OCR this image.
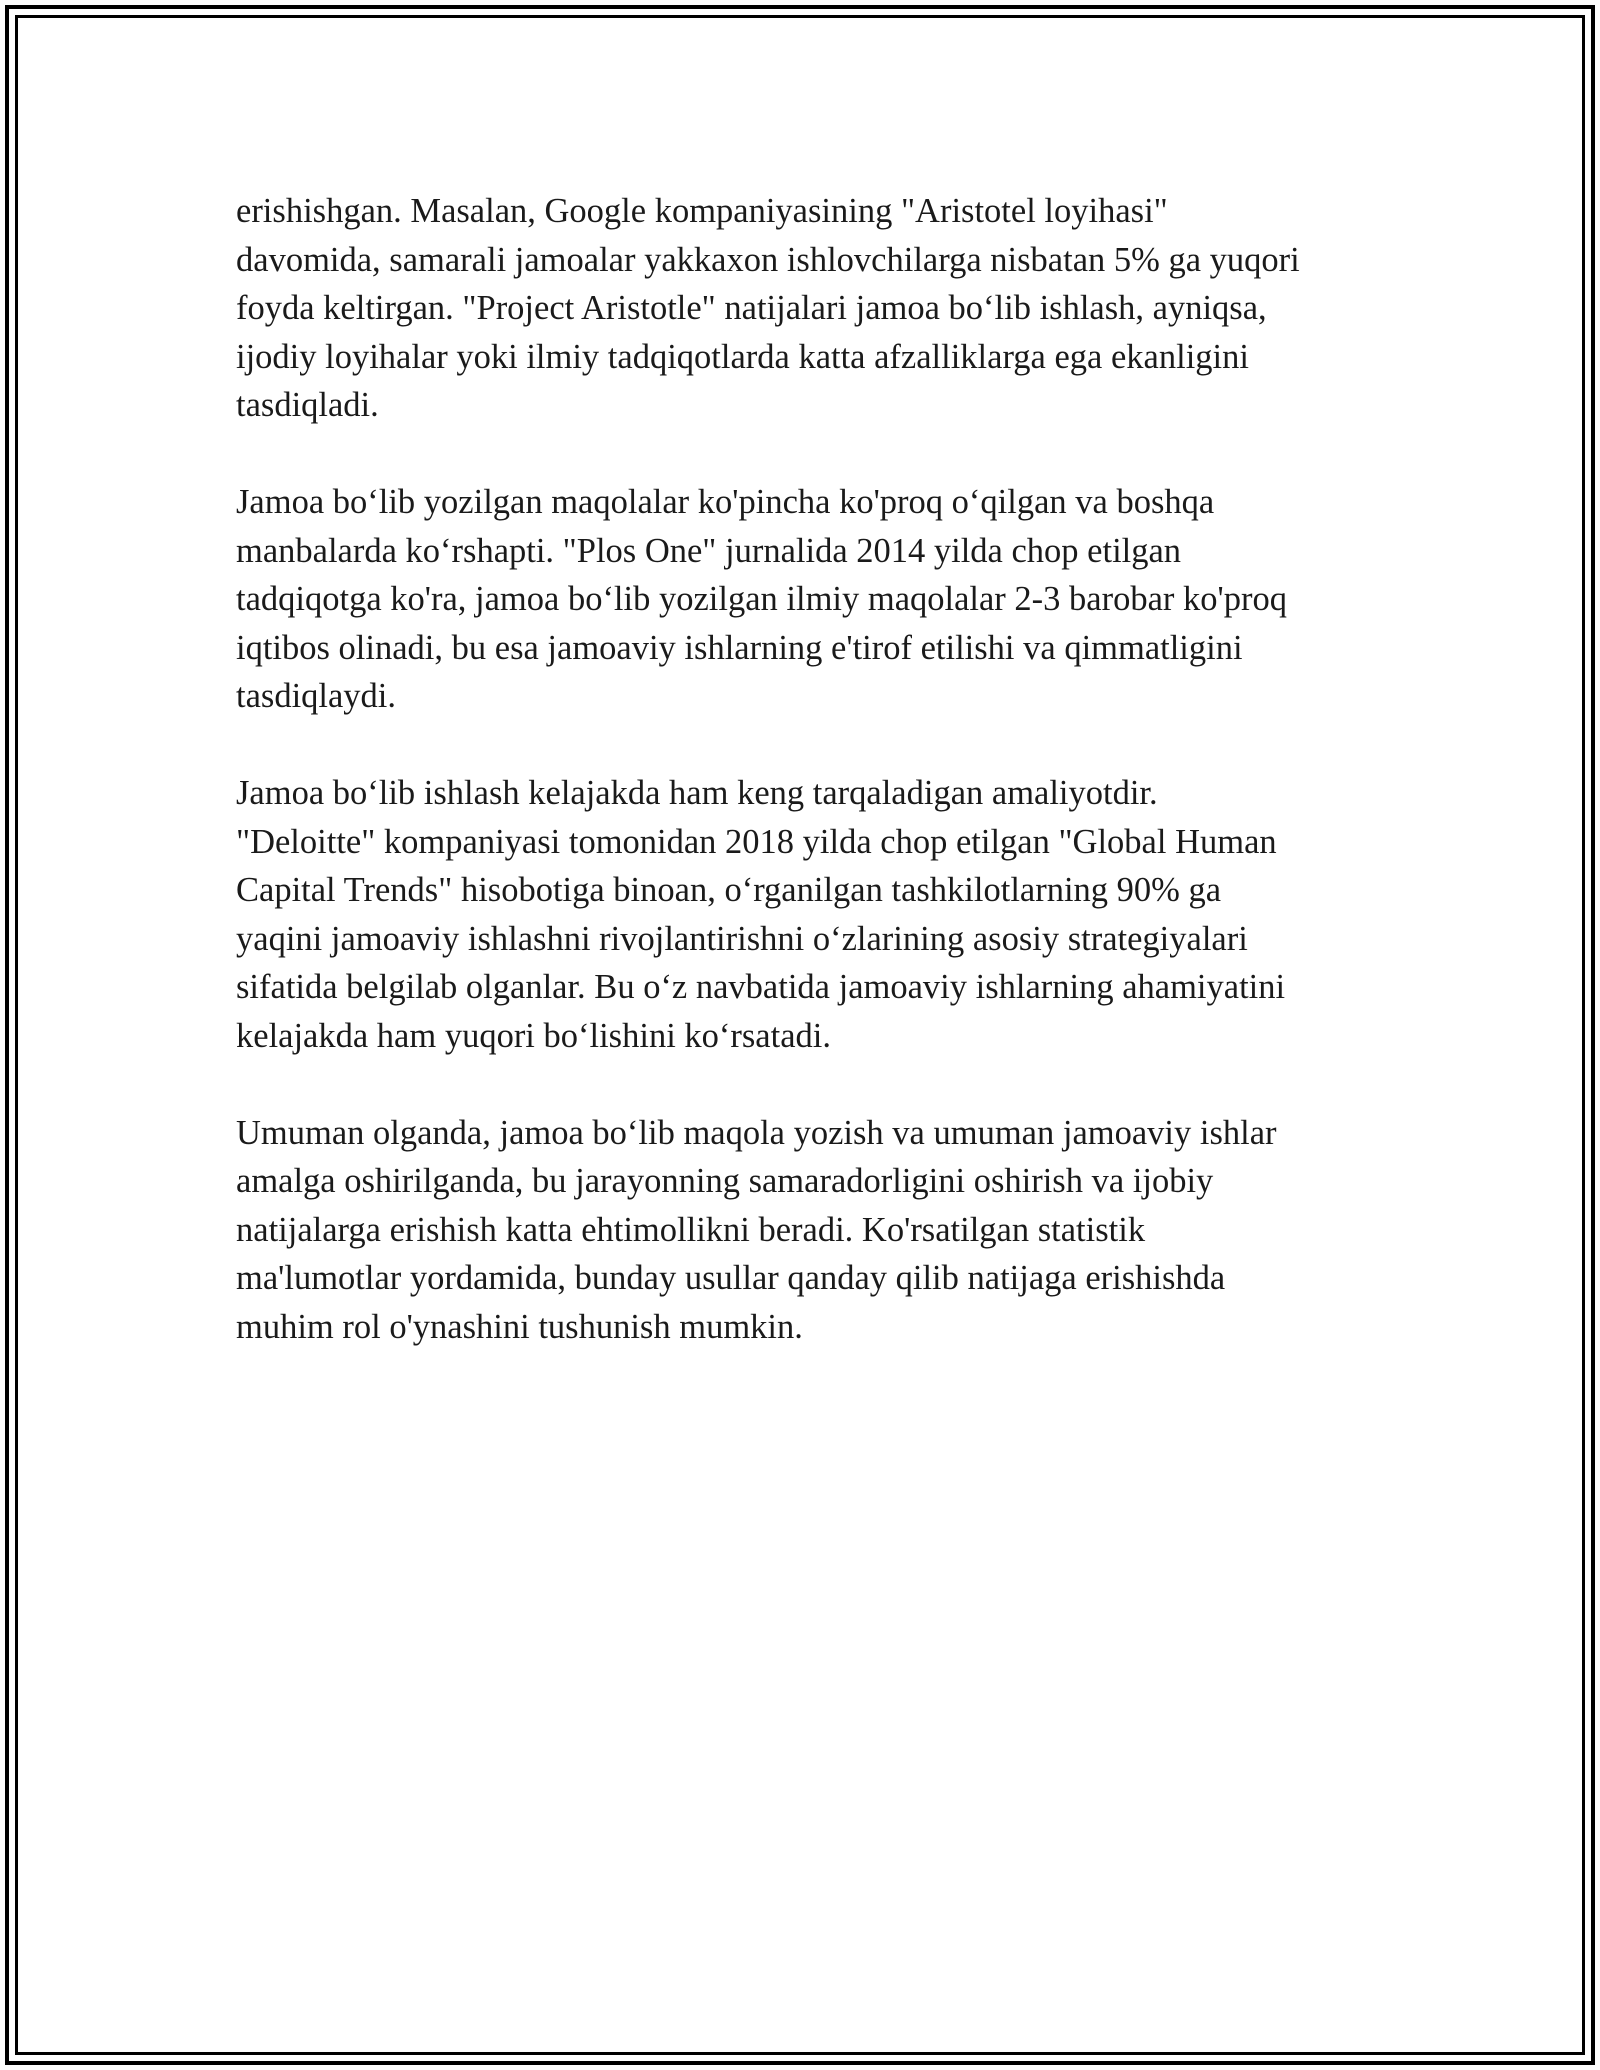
erishishgan. Masalan, Google kompaniyasining "Aristotel loyihasi"
davomida, samarali jamoalar yakkaxon ishlovchilarga nisbatan 5% ga yuqori
foyda keltirgan. "Project Aristotle" natijalari jamoa bo‘lib ishlash, ayniqsa,
ijodiy loyihalar yoki ilmiy tadqiqotlarda katta afzalliklarga ega ekanligini
tasdiqladi.

Jamoa bo‘lib yozilgan maqolalar ko'pincha ko'proq o‘qilgan va boshqa
manbalarda ko‘rshapti. "Plos One" jurnalida 2014 yilda chop etilgan
tadqiqotga ko'ra, jamoa bo‘lib yozilgan ilmiy maqolalar 2-3 barobar ko'proq
iqtibos olinadi, bu esa jamoaviy ishlarning e'tirof etilishi va qimmatligini
tasdiqlaydi.

Jamoa bo‘lib ishlash kelajakda ham keng tarqaladigan amaliyotdir.
"Deloitte" kompaniyasi tomonidan 2018 yilda chop etilgan "Global Human
Capital Trends" hisobotiga binoan, o‘rganilgan tashkilotlarning 90% ga
yaqini jamoaviy ishlashni rivojlantirishni o‘zlarining asosiy strategiyalari
sifatida belgilab olganlar. Bu o‘z navbatida jamoaviy ishlarning ahamiyatini
kelajakda ham yuqori bo‘lishini ko‘rsatadi.

Umuman olganda, jamoa bo‘lib maqola yozish va umuman jamoaviy ishlar
amalga oshirilganda, bu jarayonning samaradorligini oshirish va ijobiy
natijalarga erishish katta ehtimollikni beradi. Ko'rsatilgan statistik
ma'lumotlar yordamida, bunday usullar qanday qilib natijaga erishishda
muhim rol o'ynashini tushunish mumkin.
